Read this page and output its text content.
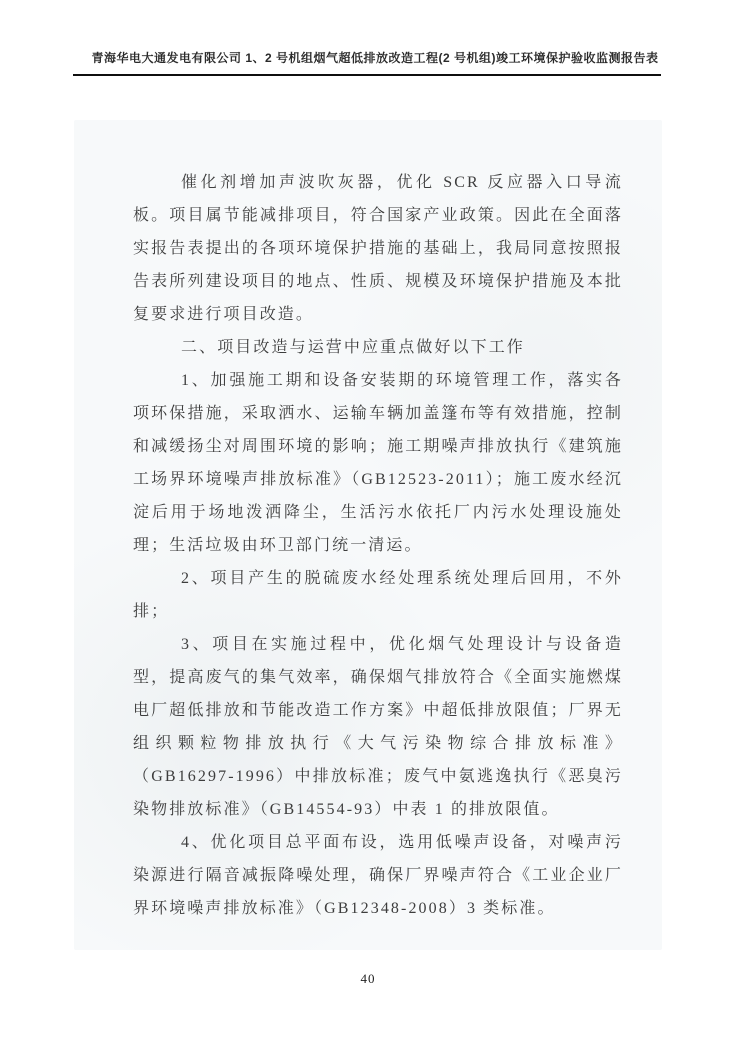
青海华电大通发电有限公司 1、2 号机组烟气超低排放改造工程(2 号机组)竣工环境保护验收监测报告表

催化剂增加声波吹灰器，优化 SCR 反应器入口导流板。项目属节能减排项目，符合国家产业政策。因此在全面落实报告表提出的各项环境保护措施的基础上，我局同意按照报告表所列建设项目的地点、性质、规模及环境保护措施及本批复要求进行项目改造。

二、项目改造与运营中应重点做好以下工作

1、加强施工期和设备安装期的环境管理工作，落实各项环保措施，采取洒水、运输车辆加盖篷布等有效措施，控制和减缓扬尘对周围环境的影响；施工期噪声排放执行《建筑施工场界环境噪声排放标准》（GB12523-2011）；施工废水经沉淀后用于场地泼洒降尘，生活污水依托厂内污水处理设施处理；生活垃圾由环卫部门统一清运。

2、项目产生的脱硫废水经处理系统处理后回用，不外排；

3、项目在实施过程中，优化烟气处理设计与设备造型，提高废气的集气效率，确保烟气排放符合《全面实施燃煤电厂超低排放和节能改造工作方案》中超低排放限值；厂界无组织颗粒物排放执行《大气污染物综合排放标准》（GB16297-1996）中排放标准；废气中氨逃逸执行《恶臭污染物排放标准》（GB14554-93）中表 1 的排放限值。

4、优化项目总平面布设，选用低噪声设备，对噪声污染源进行隔音减振降噪处理，确保厂界噪声符合《工业企业厂界环境噪声排放标准》（GB12348-2008）3 类标准。

40
